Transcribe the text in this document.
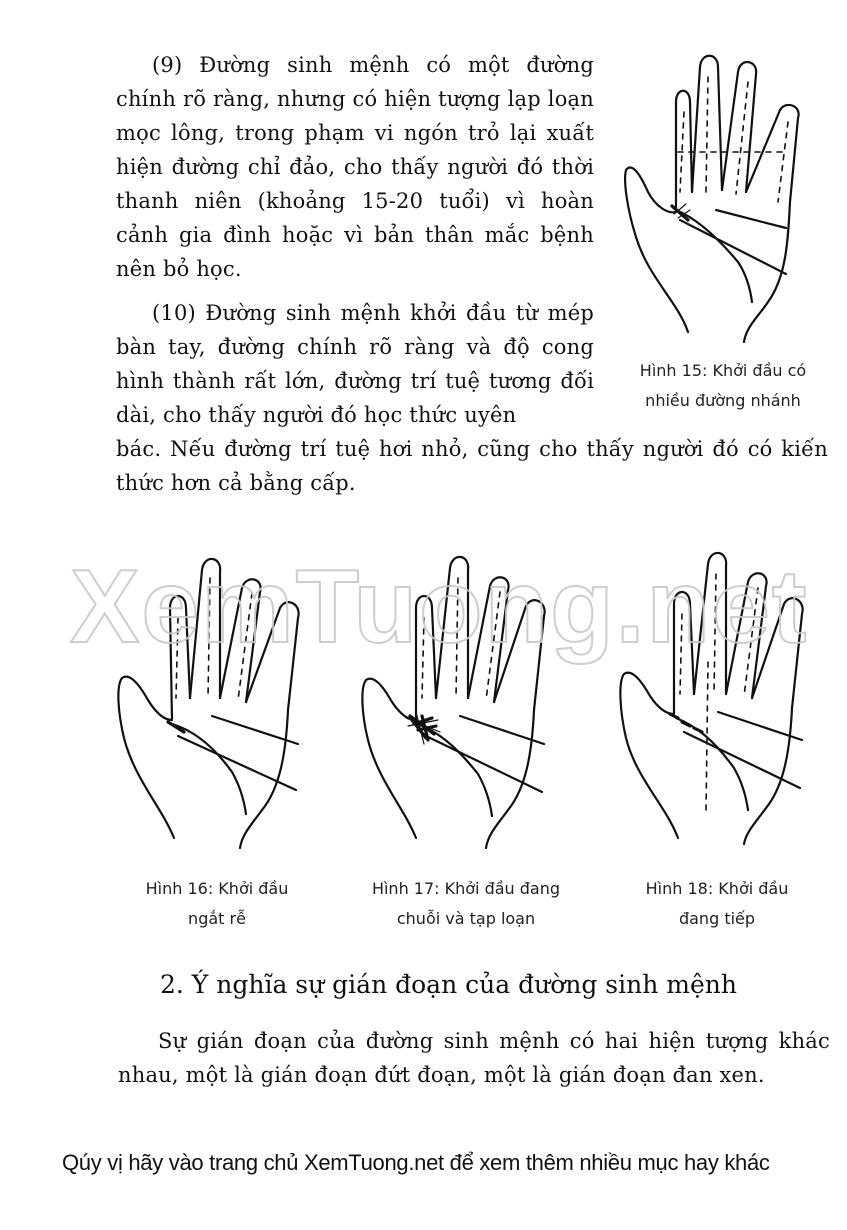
(9) Đường sinh mệnh có một đường chính rõ ràng, nhưng có hiện tượng lạp loạn mọc lông, trong phạm vi ngón trỏ lại xuất hiện đường chỉ đảo, cho thấy người đó thời thanh niên (khoảng 15-20 tuổi) vì hoàn cảnh gia đình hoặc vì bản thân mắc bệnh nên bỏ học.

(10) Đường sinh mệnh khởi đầu từ mép bàn tay, đường chính rõ ràng và độ cong hình thành rất lớn, đường trí tuệ tương đối dài, cho thấy người đó học thức uyên

bác. Nếu đường trí tuệ hơi nhỏ, cũng cho thấy người đó có kiến thức hơn cả bằng cấp.

Hình 15: Khởi đầu có
nhiều đường nhánh
Hình 16: Khởi đầu
ngắt rễ
Hình 17: Khởi đầu đang
chuỗi và tạp loạn
Hình 18: Khởi đầu
đang tiếp
XemTuong.net
2. Ý nghĩa sự gián đoạn của đường sinh mệnh

Sự gián đoạn của đường sinh mệnh có hai hiện tượng khác nhau, một là gián đoạn đứt đoạn, một là gián đoạn đan xen.

Qúy vị hãy vào trang chủ XemTuong.net để xem thêm nhiều mục hay khác
